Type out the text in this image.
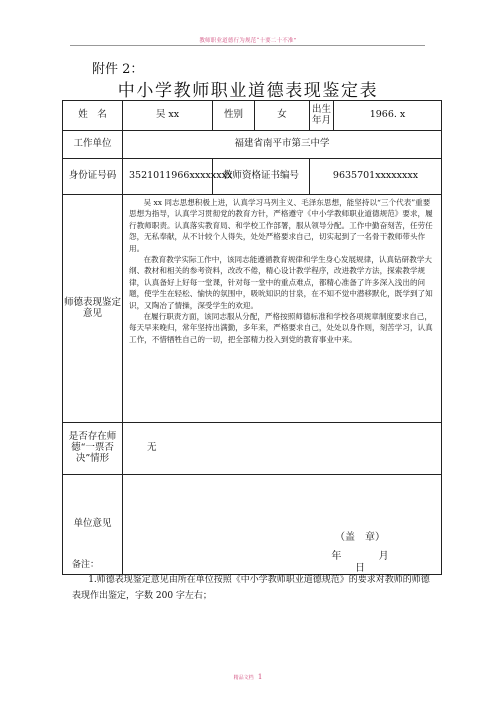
教师职业道德行为规范“十要二十不准”
附件 2：
中小学教师职业道德表现鉴定表
姓　名	吴 xx	性别	女	出生年月	1966. x
工作单位	福建省南平市第三中学				
身份证号码	3521011966xxxxxxxx	教师资格证书编号		9635701xxxxxxxx	
师德表现鉴定意见	吴 xx 同志思想积极上进，认真学习马列主义、毛泽东思想，能坚持以“三个代表”重要思想为指导，认真学习贯彻党的教育方针，严格遵守《中小学教师职业道德规范》要求，履行教师职责。认真落实教育局、和学校工作部署，服从领导分配。工作中勤奋刻苦，任劳任怨，无私奉献，从不计较个人得失，处处严格要求自己，切实起到了一名骨干教师带头作用。

在教育教学实际工作中，该同志能遵循教育规律和学生身心发展规律，认真钻研教学大纲、教材和相关的参考资料，改改不倦，精心设计教学程序，改进教学方法，探索教学规律，认真备好上好每一堂课，针对每一堂中的重点难点，都精心准备了许多深入浅出的问题，使学生在轻松、愉快的氛围中，吸吮知识的甘泉，在不知不觉中潜移默化，既学到了知识，又陶冶了情操，深受学生的欢迎。

在履行职责方面，该同志服从分配，严格按照师德标准和学校各项规章制度要求自己，每天早来晚归，常年坚持出满勤，多年来，严格要求自己，处处以身作则，刻苦学习，认真工作，不惜牺牲自己的一切，把全部精力投入到党的教育事业中来。				

是否存在师德“一票否决”情形	无				
单位意见	（盖　章）
年 月 日				
备注：

1.师德表现鉴定意见由所在单位按照《中小学教师职业道德规范》的要求对教师的师德表现作出鉴定，字数 200 字左右；

精品文档 1
